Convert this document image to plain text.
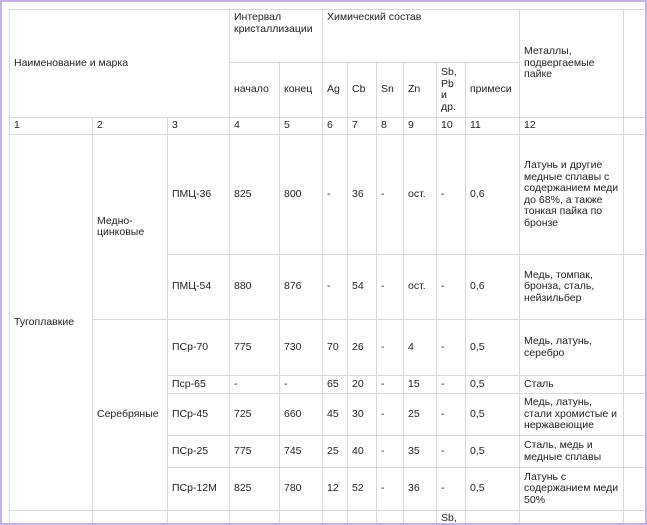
Наименование и марка			Интервал кристаллизации		Химический состав						Металлы, подвергаемые пайке	
			начало	конец	Ag	Cb	Sn	Zn	Sb, Pb и др.	примеси		
1	2	3	4	5	6	7	8	9	10	11	12	
Тугоплавкие	Медно-цинковые	ПМЦ-36	825	800	-	36	-	ост.	-	0,6	Латунь и другие медные сплавы с содержанием меди до 68%, а также тонкая пайка по бронзе	
		ПМЦ-54	880	876	-	54	-	ост.	-	0,6	Медь, томпак, бронза, сталь, нейзильбер	
	Серебряные	ПСр-70	775	730	70	26	-	4	-	0,5	Медь, латунь, серебро	
		Пср-65	-	-	65	20	-	15	-	0,5	Сталь	
		ПСр-45	725	660	45	30	-	25	-	0,5	Медь, латунь, стали хромистые и нержавеющие	
		ПСр-25	775	745	25	40	-	35	-	0,5	Сталь, медь и медные сплавы	
		ПСр-12М	825	780	12	52	-	36	-	0,5	Латунь с содержанием меди 50%	

									Sb,			
